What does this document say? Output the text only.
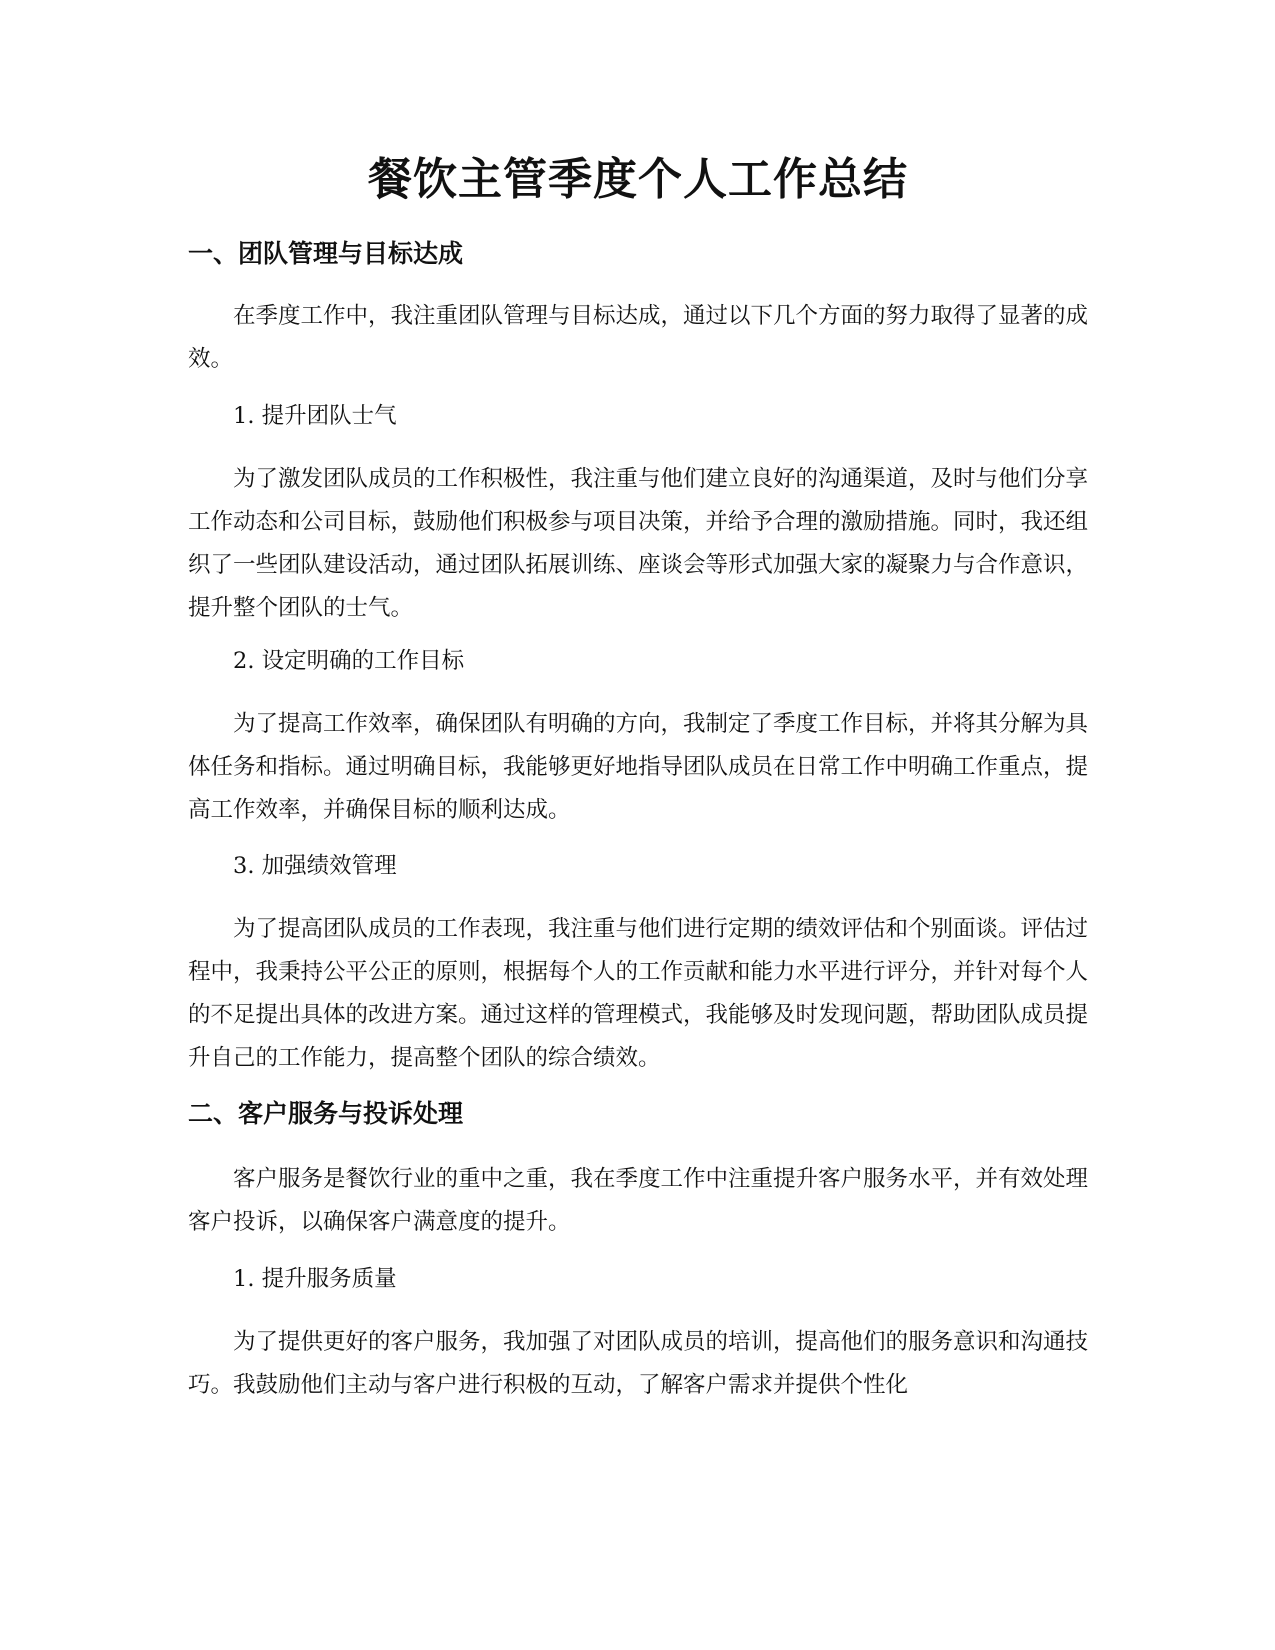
餐饮主管季度个人工作总结
一、团队管理与目标达成

在季度工作中，我注重团队管理与目标达成，通过以下几个方面的努力取得了显著的成效。

1. 提升团队士气

为了激发团队成员的工作积极性，我注重与他们建立良好的沟通渠道，及时与他们分享工作动态和公司目标，鼓励他们积极参与项目决策，并给予合理的激励措施。同时，我还组织了一些团队建设活动，通过团队拓展训练、座谈会等形式加强大家的凝聚力与合作意识，提升整个团队的士气。

2. 设定明确的工作目标

为了提高工作效率，确保团队有明确的方向，我制定了季度工作目标，并将其分解为具体任务和指标。通过明确目标，我能够更好地指导团队成员在日常工作中明确工作重点，提高工作效率，并确保目标的顺利达成。

3. 加强绩效管理

为了提高团队成员的工作表现，我注重与他们进行定期的绩效评估和个别面谈。评估过程中，我秉持公平公正的原则，根据每个人的工作贡献和能力水平进行评分，并针对每个人的不足提出具体的改进方案。通过这样的管理模式，我能够及时发现问题，帮助团队成员提升自己的工作能力，提高整个团队的综合绩效。

二、客户服务与投诉处理

客户服务是餐饮行业的重中之重，我在季度工作中注重提升客户服务水平，并有效处理客户投诉，以确保客户满意度的提升。

1. 提升服务质量

为了提供更好的客户服务，我加强了对团队成员的培训，提高他们的服务意识和沟通技巧。我鼓励他们主动与客户进行积极的互动，了解客户需求并提供个性化
